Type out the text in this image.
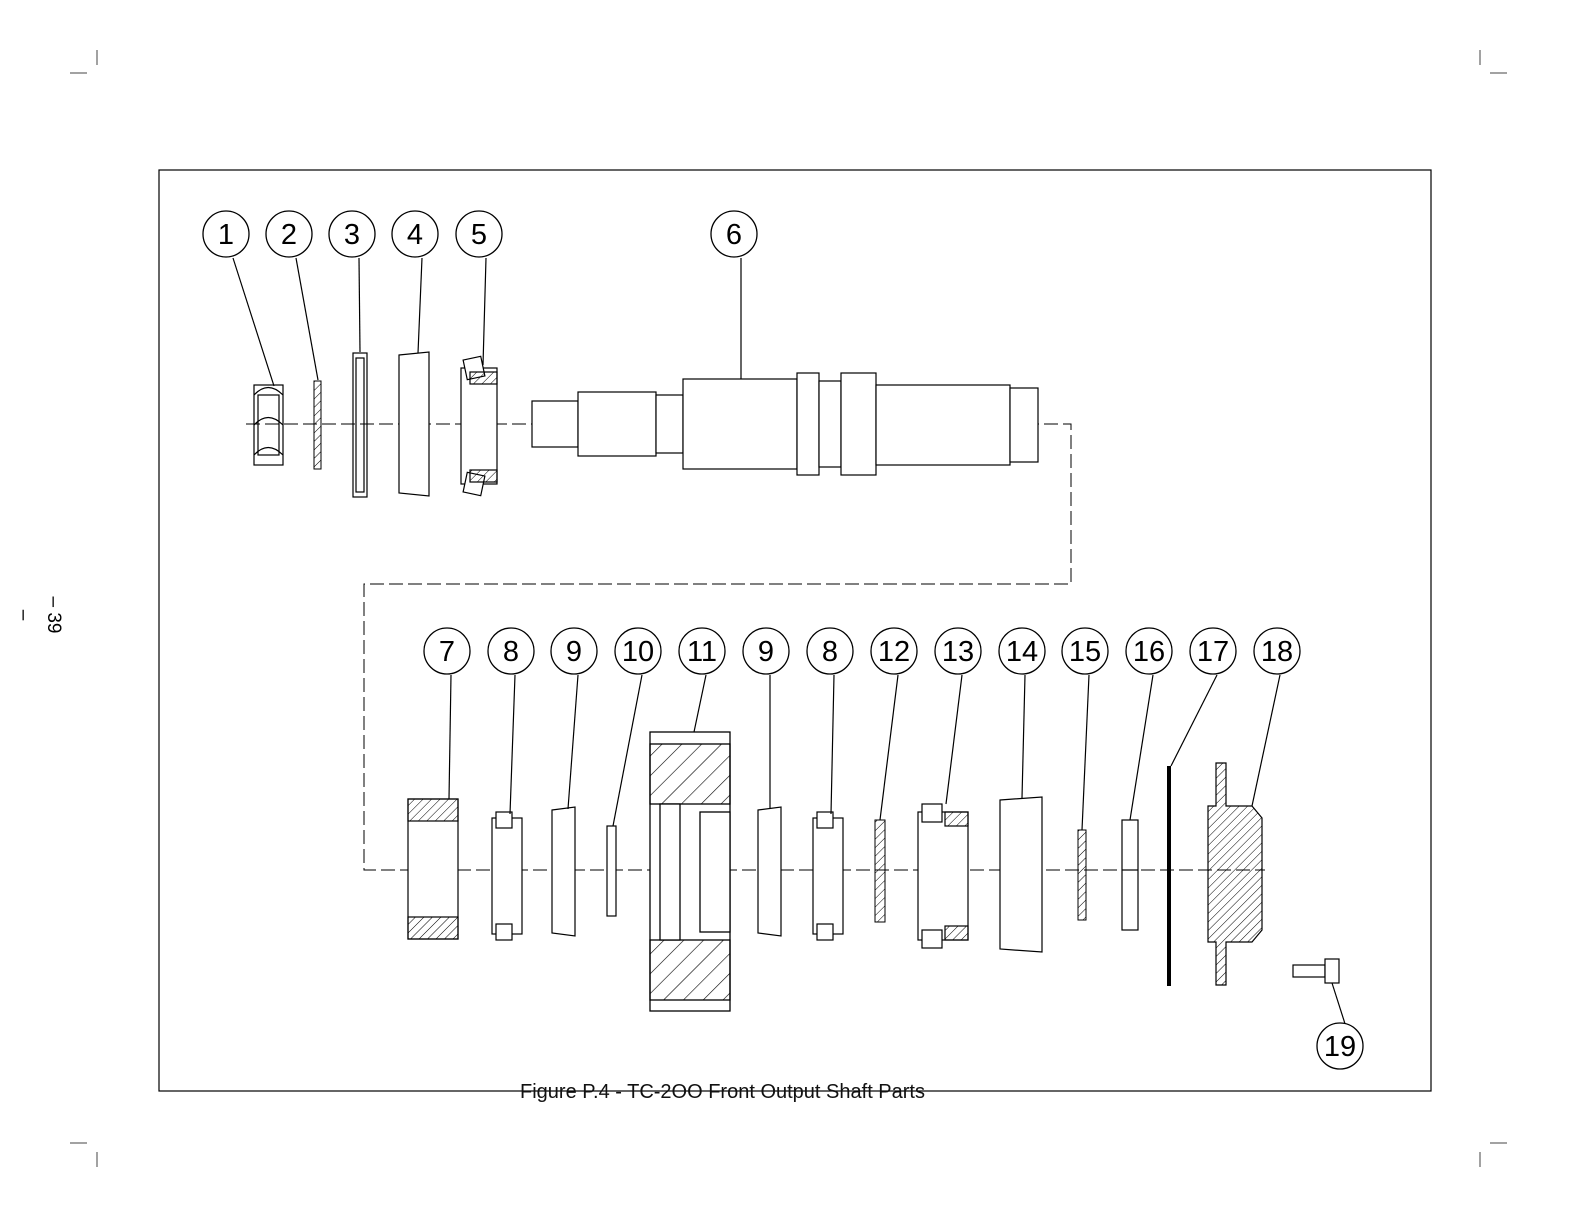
– 39 –
1 2 3 4 5	6
7 8 9 10 11 9 8 12 13 14 15 16 17 18
19
Figure P.4 - TC-2OO Front Output Shaft Parts
